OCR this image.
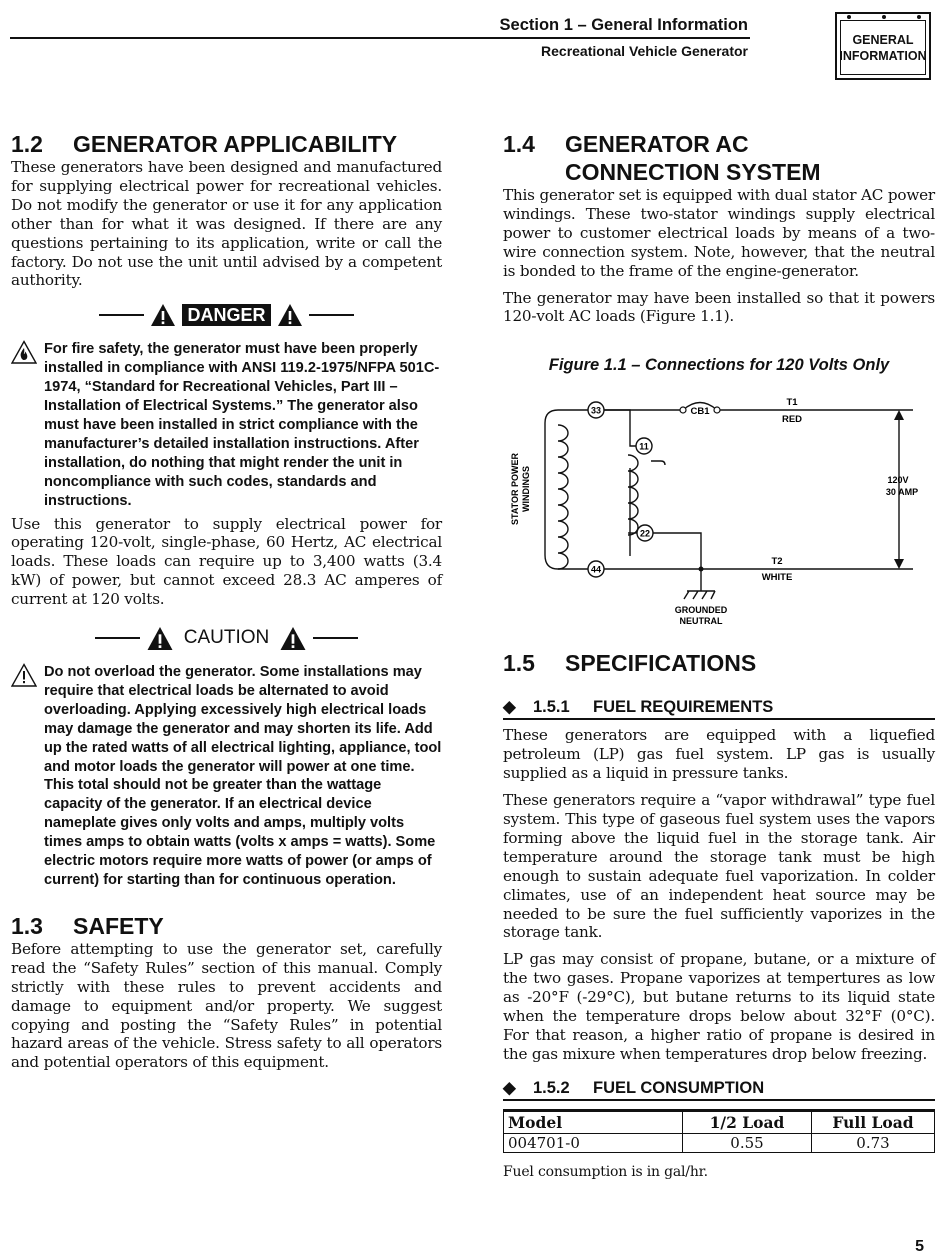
Section 1 – General Information
Recreational Vehicle Generator
GENERAL
INFORMATION
1.2	GENERATOR APPLICABILITY

These generators have been designed and manufactured for supplying electrical power for recreational vehicles. Do not modify the generator or use it for any application other than for what it was designed. If there are any questions pertaining to its application, write or call the factory. Do not use the unit until advised by a competent authority.

DANGER

For fire safety, the generator must have been properly installed in compliance with ANSI 119.2-1975/NFPA 501C-1974, “Standard for Recreational Vehicles, Part III – Installation of Electrical Systems.” The generator also must have been installed in strict compliance with the manufacturer’s detailed installation instructions. After installation, do nothing that might render the unit in noncompliance with such codes, standards and instructions.

Use this generator to supply electrical power for operating 120-volt, single-phase, 60 Hertz, AC electrical loads. These loads can require up to 3,400 watts (3.4 kW) of power, but cannot exceed 28.3 AC amperes of current at 120 volts.

CAUTION

Do not overload the generator. Some installations may require that electrical loads be alternated to avoid overloading. Applying excessively high electrical loads may damage the generator and may shorten its life. Add up the rated watts of all electrical lighting, appliance, tool and motor loads the generator will power at one time. This total should not be greater than the wattage capacity of the generator. If an electrical device nameplate gives only volts and amps, multiply volts times amps to obtain watts (volts x amps = watts). Some electric motors require more watts of power (or amps of current) for starting than for continuous operation.

1.3	SAFETY

Before attempting to use the generator set, carefully read the “Safety Rules” section of this manual. Comply strictly with these rules to prevent accidents and damage to equipment and/or property. We suggest copying and posting the “Safety Rules” in potential hazard areas of the vehicle. Stress safety to all operators and potential operators of this equipment.

1.4	GENERATOR AC
CONNECTION SYSTEM

This generator set is equipped with dual stator AC power windings. These two-stator windings supply electrical power to customer electrical loads by means of a two-wire connection system. Note, however, that the neutral is bonded to the frame of the engine-generator.

The generator may have been installed so that it powers 120-volt AC loads (Figure 1.1).

Figure 1.1 – Connections for 120 Volts Only

33
11
22
44
CB1
T1
RED
T2
WHITE
120V
30 AMP
GROUNDED
NEUTRAL
STATOR POWER WINDINGS
1.5	SPECIFICATIONS
◆	1.5.1	FUEL REQUIREMENTS

These generators are equipped with a liquefied petroleum (LP) gas fuel system. LP gas is usually supplied as a liquid in pressure tanks.

These generators require a “vapor withdrawal” type fuel system. This type of gaseous fuel system uses the vapors forming above the liquid fuel in the storage tank. Air temperature around the storage tank must be high enough to sustain adequate fuel vaporization. In colder climates, use of an independent heat source may be needed to be sure the fuel sufficiently vaporizes in the storage tank.

LP gas may consist of propane, butane, or a mixture of the two gases. Propane vaporizes at tempertures as low as -20°F (-29°C), but butane returns to its liquid state when the temperature drops below about 32°F (0°C). For that reason, a higher ratio of propane is desired in the gas mixure when temperatures drop below freezing.

◆	1.5.2	FUEL CONSUMPTION
Model	1/2 Load	Full Load
004701-0	0.55	0.73

Fuel consumption is in gal/hr.

5
